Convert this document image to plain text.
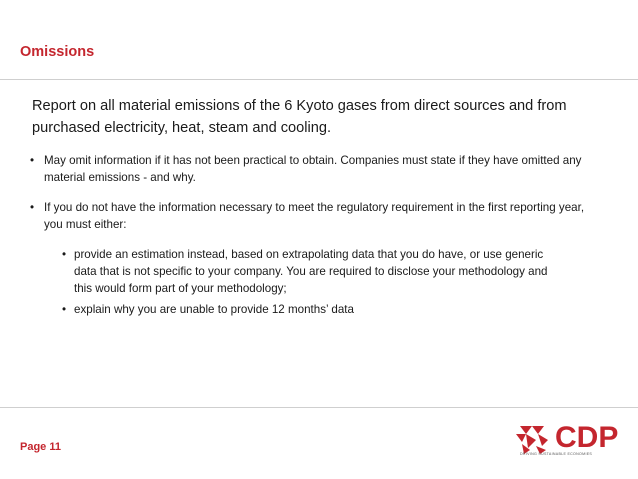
Omissions
Report on all material emissions of the 6 Kyoto gases from direct sources and from purchased electricity, heat, steam and cooling.
• May omit information if it has not been practical to obtain. Companies must state if they have omitted any material emissions - and why.
• If you do not have the information necessary to meet the regulatory requirement in the first reporting year, you must either:
• provide an estimation instead, based on extrapolating data that you do have, or use generic data that is not specific to your company. You are required to disclose your methodology and this would form part of your methodology;
• explain why you are unable to provide 12 months’ data
Page 11	CDP
DRIVING SUSTAINABLE ECONOMIES
